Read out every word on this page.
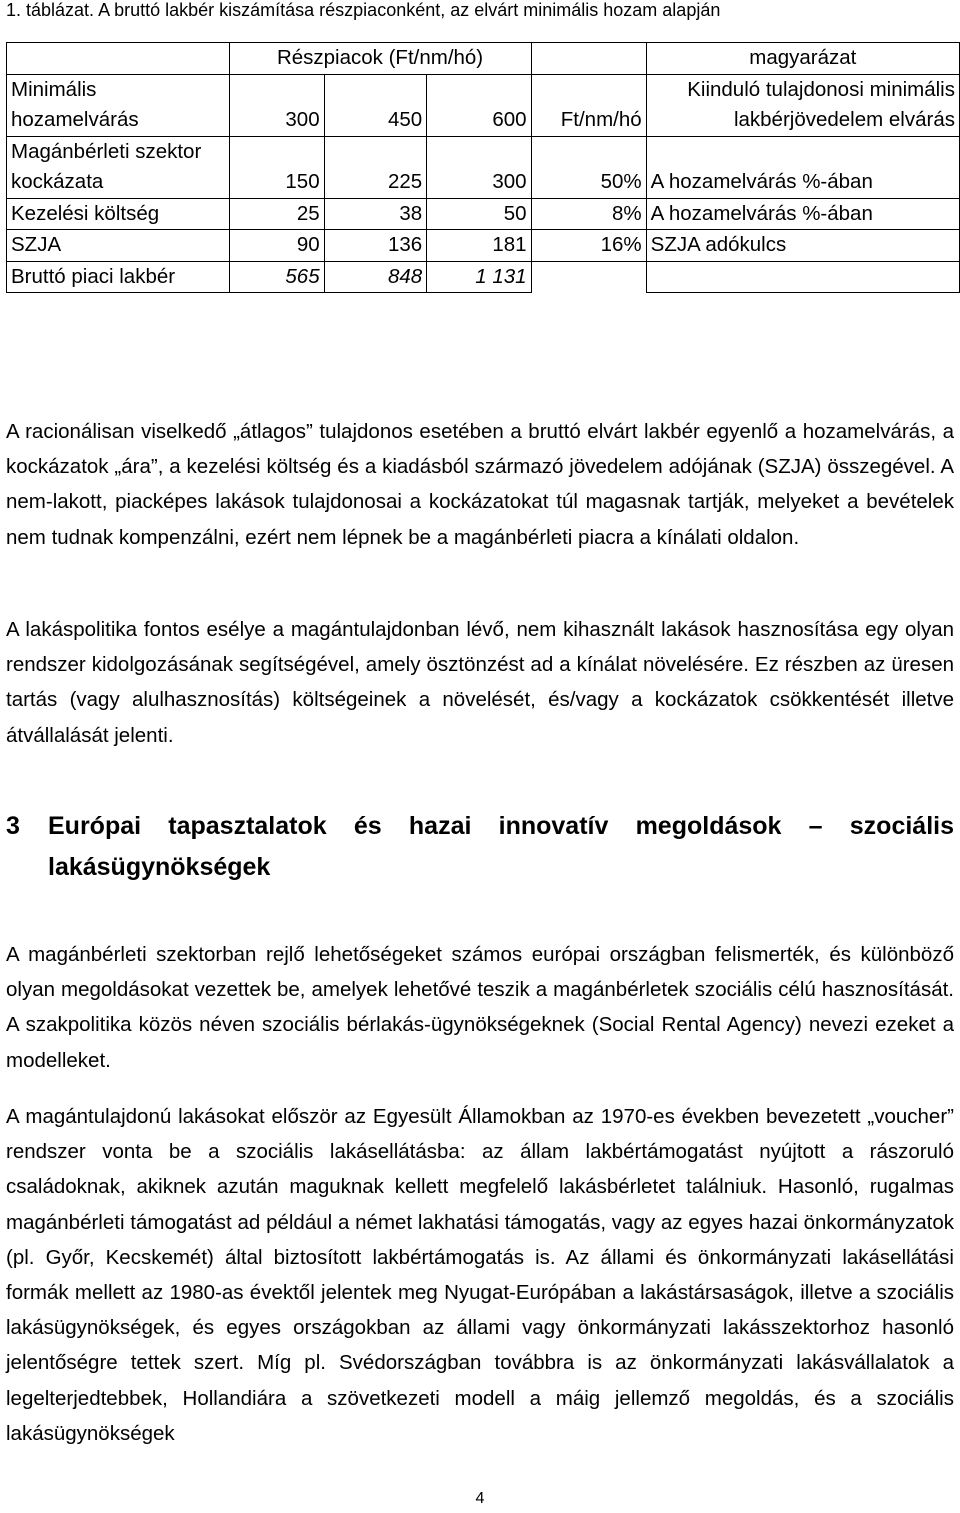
1. táblázat. A bruttó lakbér kiszámítása részpiaconként, az elvárt minimális hozam alapján
	Részpiacok (Ft/nm/hó)				magyarázat
Minimális hozamelvárás	300	450	600	Ft/nm/hó	Kiinduló tulajdonosi minimális lakbérjövedelem elvárás
Magánbérleti szektor kockázata	150	225	300	50%	A hozamelvárás %-ában
Kezelési költség	25	38	50	8%	A hozamelvárás %-ában
SZJA	90	136	181	16%	SZJA adókulcs
Bruttó piaci lakbér	565	848	1 131		

A racionálisan viselkedő „átlagos” tulajdonos esetében a bruttó elvárt lakbér egyenlő a hozamelvárás, a kockázatok „ára”, a kezelési költség és a kiadásból származó jövedelem adójának (SZJA) összegével. A nem-lakott, piacképes lakások tulajdonosai a kockázatokat túl magasnak tartják, melyeket a bevételek nem tudnak kompenzálni, ezért nem lépnek be a magánbérleti piacra a kínálati oldalon.

A lakáspolitika fontos esélye a magántulajdonban lévő, nem kihasznált lakások hasznosítása egy olyan rendszer kidolgozásának segítségével, amely ösztönzést ad a kínálat növelésére. Ez részben az üresen tartás (vagy alulhasznosítás) költségeinek a növelését, és/vagy a kockázatok csökkentését illetve átvállalását jelenti.

3 Európai tapasztalatok és hazai innovatív megoldások – szociális lakásügynökségek

A magánbérleti szektorban rejlő lehetőségeket számos európai országban felismerték, és különböző olyan megoldásokat vezettek be, amelyek lehetővé teszik a magánbérletek szociális célú hasznosítását. A szakpolitika közös néven szociális bérlakás-ügynökségeknek (Social Rental Agency) nevezi ezeket a modelleket.

A magántulajdonú lakásokat először az Egyesült Államokban az 1970-es években bevezetett „voucher” rendszer vonta be a szociális lakásellátásba: az állam lakbértámogatást nyújtott a rászoruló családoknak, akiknek azután maguknak kellett megfelelő lakásbérletet találniuk. Hasonló, rugalmas magánbérleti támogatást ad például a német lakhatási támogatás, vagy az egyes hazai önkormányzatok (pl. Győr, Kecskemét) által biztosított lakbértámogatás is. Az állami és önkormányzati lakásellátási formák mellett az 1980-as évektől jelentek meg Nyugat-Európában a lakástársaságok, illetve a szociális lakásügynökségek, és egyes országokban az állami vagy önkormányzati lakásszektorhoz hasonló jelentőségre tettek szert. Míg pl. Svédországban továbbra is az önkormányzati lakásvállalatok a legelterjedtebbek, Hollandiára a szövetkezeti modell a máig jellemző megoldás, és a szociális lakásügynökségek

4
